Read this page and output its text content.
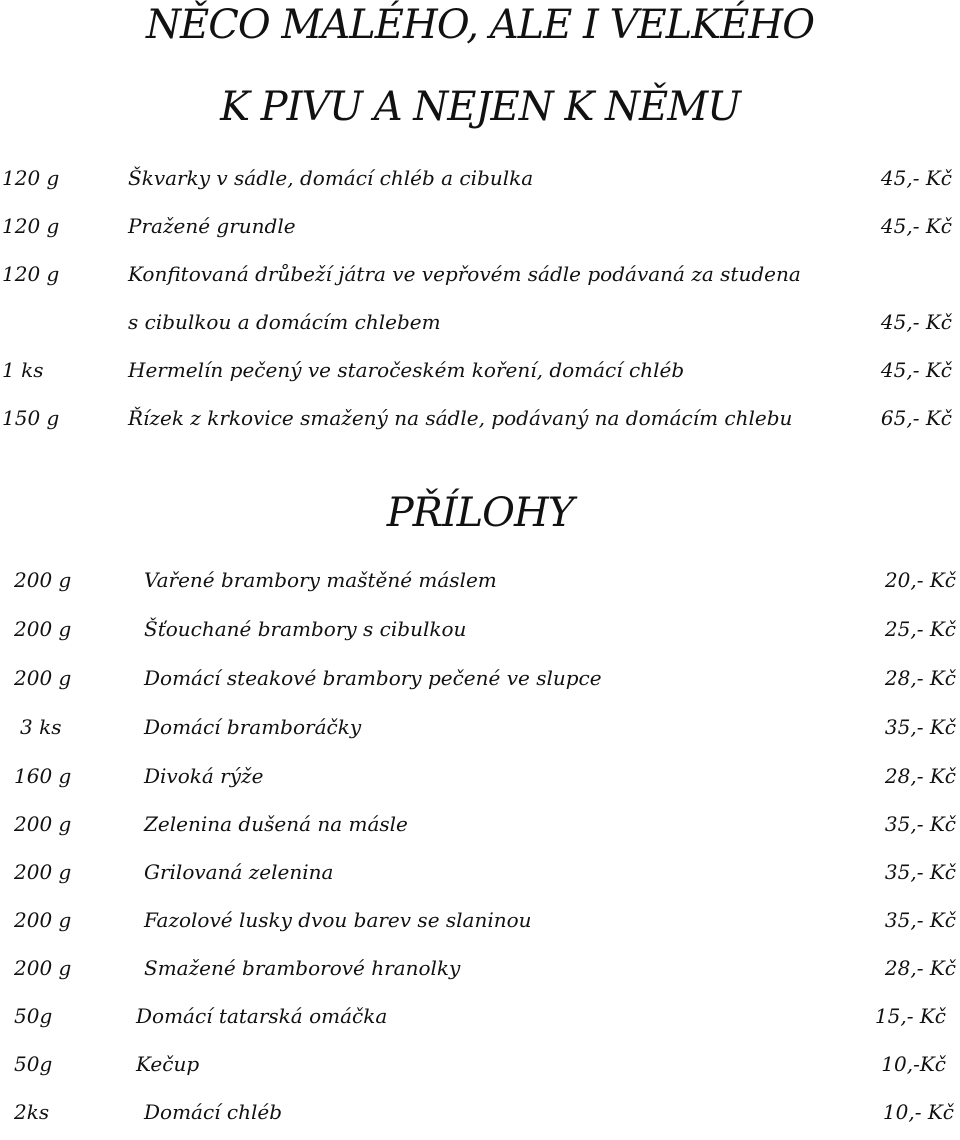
NĚCO MALÉHO, ALE I VELKÉHO
K PIVU A NEJEN K NĚMU
120 g	Škvarky v sádle, domácí chléb a cibulka	45,- Kč
120 g	Pražené grundle	45,- Kč
120 g	Konfitovaná drůbeží játra ve vepřovém sádle podávaná za studena
s cibulkou a domácím chlebem	45,- Kč
1 ks	Hermelín pečený ve staročeském koření, domácí chléb	45,- Kč
150 g	Řízek z krkovice smažený na sádle, podávaný na domácím chlebu	65,- Kč
PŘÍLOHY
200 g	Vařené brambory maštěné máslem	20,- Kč
200 g	Šťouchané brambory s cibulkou	25,- Kč
200 g	Domácí steakové brambory pečené ve slupce	28,- Kč
3 ks	Domácí bramboráčky	35,- Kč
160 g	Divoká rýže	28,- Kč
200 g	Zelenina dušená na másle	35,- Kč
200 g	Grilovaná zelenina	35,- Kč
200 g	Fazolové lusky dvou barev se slaninou	35,- Kč
200 g	Smažené bramborové hranolky	28,- Kč
50g	Domácí tatarská omáčka	15,- Kč
50g	Kečup	10,-Kč
2ks	Domácí chléb	10,- Kč
